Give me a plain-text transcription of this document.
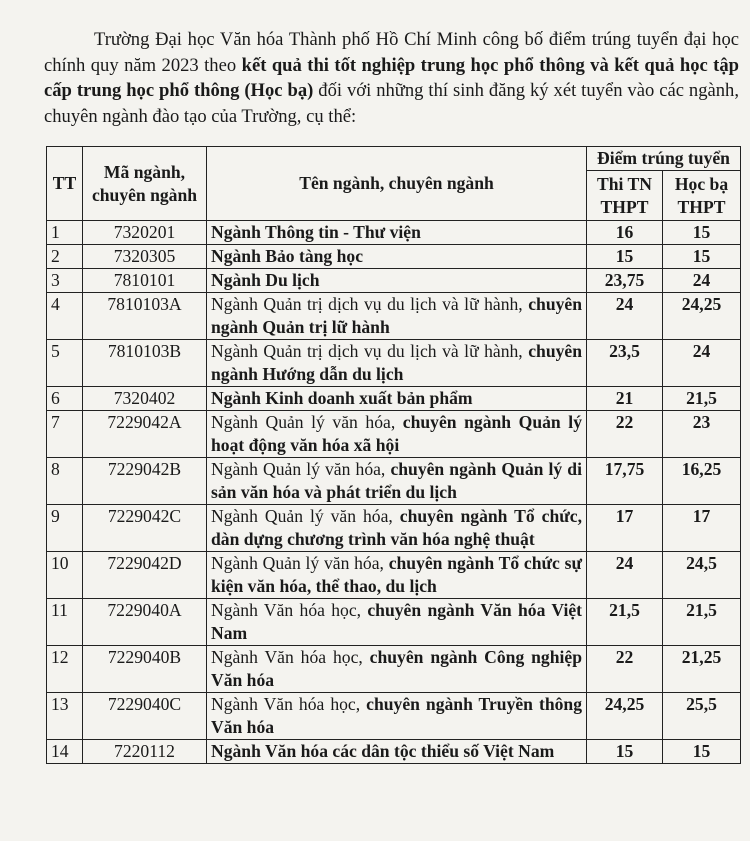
Trường Đại học Văn hóa Thành phố Hồ Chí Minh công bố điểm trúng tuyển đại học chính quy năm 2023 theo kết quả thi tốt nghiệp trung học phổ thông và kết quả học tập cấp trung học phổ thông (Học bạ) đối với những thí sinh đăng ký xét tuyển vào các ngành, chuyên ngành đào tạo của Trường, cụ thể:
TT	Mã ngành, chuyên ngành	Tên ngành, chuyên ngành	Điểm trúng tuyển	
			Thi TN THPT	Học bạ THPT
1	7320201	Ngành Thông tin - Thư viện	16	15
2	7320305	Ngành Bảo tàng học	15	15
3	7810101	Ngành Du lịch	23,75	24
4	7810103A	Ngành Quản trị dịch vụ du lịch và lữ hành, chuyên ngành Quản trị lữ hành	24	24,25
5	7810103B	Ngành Quản trị dịch vụ du lịch và lữ hành, chuyên ngành Hướng dẫn du lịch	23,5	24
6	7320402	Ngành Kinh doanh xuất bản phẩm	21	21,5
7	7229042A	Ngành Quản lý văn hóa, chuyên ngành Quản lý hoạt động văn hóa xã hội	22	23
8	7229042B	Ngành Quản lý văn hóa, chuyên ngành Quản lý di sản văn hóa và phát triển du lịch	17,75	16,25
9	7229042C	Ngành Quản lý văn hóa, chuyên ngành Tổ chức, dàn dựng chương trình văn hóa nghệ thuật	17	17
10	7229042D	Ngành Quản lý văn hóa, chuyên ngành Tổ chức sự kiện văn hóa, thể thao, du lịch	24	24,5
11	7229040A	Ngành Văn hóa học, chuyên ngành Văn hóa Việt Nam	21,5	21,5
12	7229040B	Ngành Văn hóa học, chuyên ngành Công nghiệp Văn hóa	22	21,25
13	7229040C	Ngành Văn hóa học, chuyên ngành Truyền thông Văn hóa	24,25	25,5
14	7220112	Ngành Văn hóa các dân tộc thiểu số Việt Nam	15	15
